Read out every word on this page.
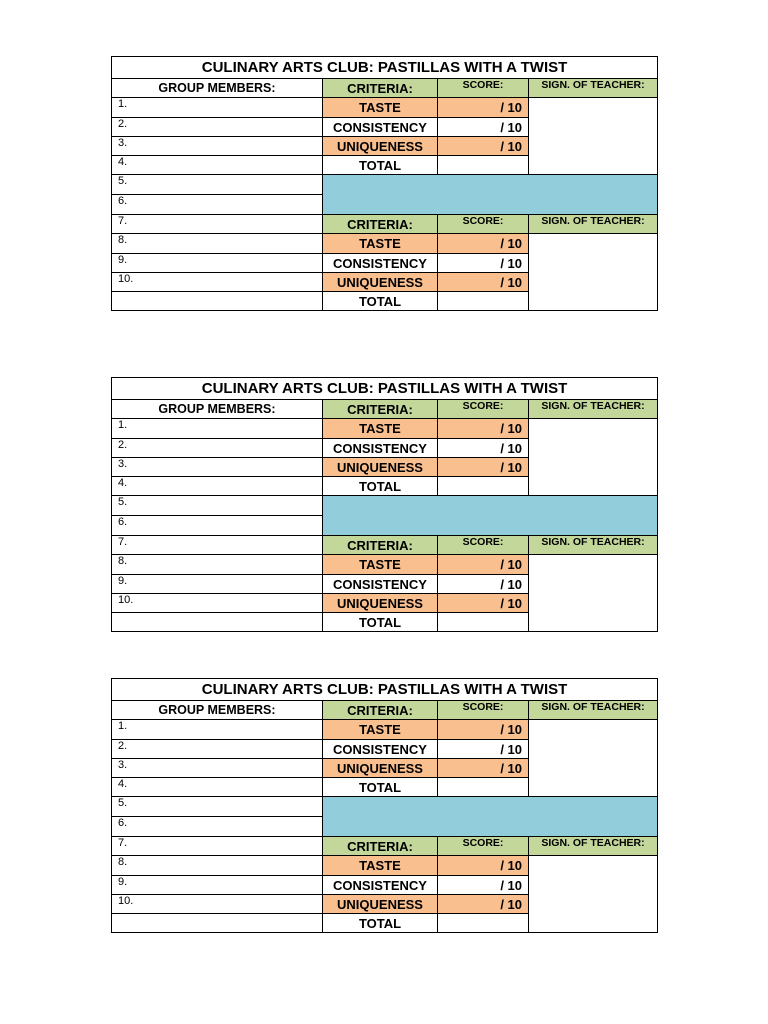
CULINARY ARTS CLUB: PASTILLAS WITH A TWIST			
GROUP MEMBERS:	CRITERIA:	SCORE:	SIGN. OF TEACHER:
1.	TASTE	/ 10	
2.	CONSISTENCY	/ 10	
3.	UNIQUENESS	/ 10	
4.	TOTAL		
5.			
6.			
7.	CRITERIA:	SCORE:	SIGN. OF TEACHER:
8.	TASTE	/ 10	
9.	CONSISTENCY	/ 10	
10.	UNIQUENESS	/ 10	
	TOTAL		
CULINARY ARTS CLUB: PASTILLAS WITH A TWIST			
GROUP MEMBERS:	CRITERIA:	SCORE:	SIGN. OF TEACHER:
1.	TASTE	/ 10	
2.	CONSISTENCY	/ 10	
3.	UNIQUENESS	/ 10	
4.	TOTAL		
5.			
6.			
7.	CRITERIA:	SCORE:	SIGN. OF TEACHER:
8.	TASTE	/ 10	
9.	CONSISTENCY	/ 10	
10.	UNIQUENESS	/ 10	
	TOTAL		
CULINARY ARTS CLUB: PASTILLAS WITH A TWIST			
GROUP MEMBERS:	CRITERIA:	SCORE:	SIGN. OF TEACHER:
1.	TASTE	/ 10	
2.	CONSISTENCY	/ 10	
3.	UNIQUENESS	/ 10	
4.	TOTAL		
5.			
6.			
7.	CRITERIA:	SCORE:	SIGN. OF TEACHER:
8.	TASTE	/ 10	
9.	CONSISTENCY	/ 10	
10.	UNIQUENESS	/ 10	
	TOTAL		
